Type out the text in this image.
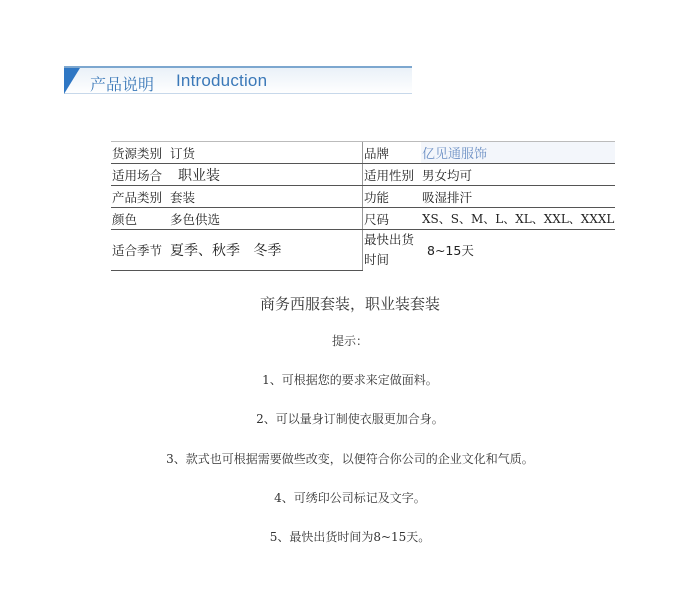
产品说明 Introduction
货源类别	订货	品牌	亿见通服饰
适用场合	职业装	适用性别	男女均可
产品类别	套装	功能	吸湿排汗
颜色	多色供选	尺码	XS、S、M、L、XL、XXL、XXXL
适合季节	夏季、秋季   冬季	最快出货时间	8~15天
商务西服套装，职业装套装
提示：
1、可根据您的要求来定做面料。
2、可以量身订制使衣服更加合身。
3、款式也可根据需要做些改变，以便符合你公司的企业文化和气质。
4、可绣印公司标记及文字。
5、最快出货时间为8~15天。
